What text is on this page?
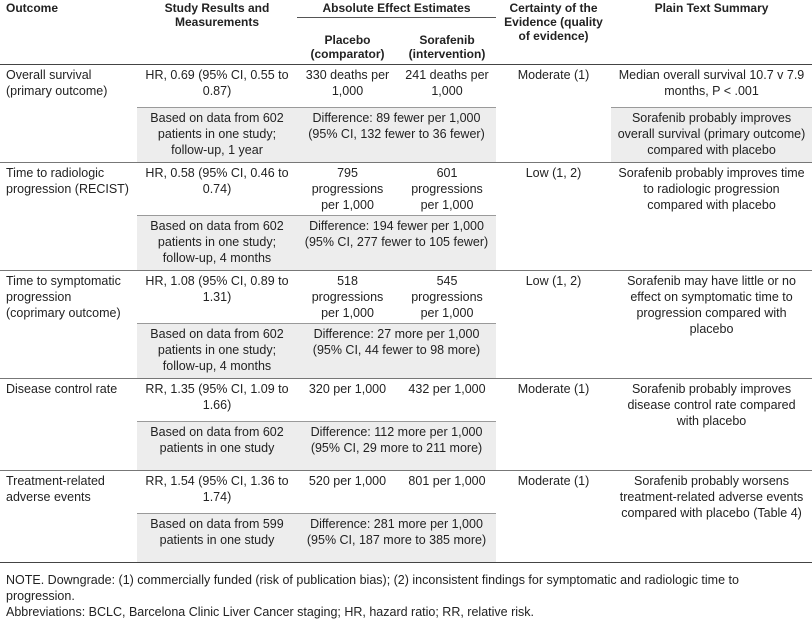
Outcome	Study Results and Measurements	Absolute Effect Estimates		Certainty of the Evidence (quality of evidence)	Plain Text Summary
		Placebo (comparator)	Sorafenib (intervention)		
Overall survival (primary outcome)	HR, 0.69 (95% CI, 0.55 to 0.87)	330 deaths per 1,000	241 deaths per 1,000	Moderate (1)	Median overall survival 10.7 v 7.9 months, P < .001
	Based on data from 602 patients in one study; follow-up, 1 year	Difference: 89 fewer per 1,000 (95% CI, 132 fewer to 36 fewer)			Sorafenib probably improves overall survival (primary outcome) compared with placebo
Time to radiologic progression (RECIST)	HR, 0.58 (95% CI, 0.46 to 0.74)	795 progressions per 1,000	601 progressions per 1,000	Low (1, 2)	Sorafenib probably improves time to radiologic progression compared with placebo
	Based on data from 602 patients in one study; follow-up, 4 months	Difference: 194 fewer per 1,000 (95% CI, 277 fewer to 105 fewer)			
Time to symptomatic progression (coprimary outcome)	HR, 1.08 (95% CI, 0.89 to 1.31)	518 progressions per 1,000	545 progressions per 1,000	Low (1, 2)	Sorafenib may have little or no effect on symptomatic time to progression compared with placebo
	Based on data from 602 patients in one study; follow-up, 4 months	Difference: 27 more per 1,000 (95% CI, 44 fewer to 98 more)			
Disease control rate	RR, 1.35 (95% CI, 1.09 to 1.66)	320 per 1,000	432 per 1,000	Moderate (1)	Sorafenib probably improves disease control rate compared with placebo
	Based on data from 602 patients in one study	Difference: 112 more per 1,000 (95% CI, 29 more to 211 more)			
Treatment-related adverse events	RR, 1.54 (95% CI, 1.36 to 1.74)	520 per 1,000	801 per 1,000	Moderate (1)	Sorafenib probably worsens treatment-related adverse events compared with placebo (Table 4)
	Based on data from 599 patients in one study	Difference: 281 more per 1,000 (95% CI, 187 more to 385 more)			

NOTE. Downgrade: (1) commercially funded (risk of publication bias); (2) inconsistent findings for symptomatic and radiologic time to progression.

Abbreviations: BCLC, Barcelona Clinic Liver Cancer staging; HR, hazard ratio; RR, relative risk.
